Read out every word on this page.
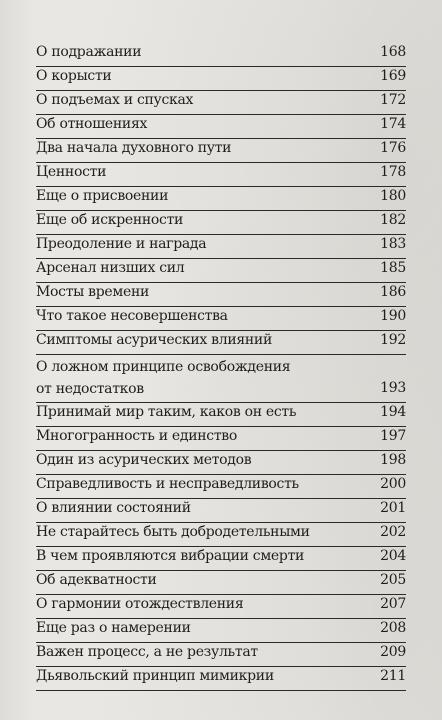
О подражании	168
О корысти	169
О подъемах и спусках	172
Об отношениях	174
Два начала духовного пути	176
Ценности	178
Еще о присвоении	180
Еще об искренности	182
Преодоление и награда	183
Арсенал низших сил	185
Мосты времени	186
Что такое несовершенства	190
Симптомы асурических влияний	192
О ложном принципе освобождения от недостатков	193
Принимай мир таким, каков он есть	194
Многогранность и единство	197
Один из асурических методов	198
Справедливость и несправедливость	200
О влиянии состояний	201
Не старайтесь быть добродетельными	202
В чем проявляются вибрации смерти	204
Об адекватности	205
О гармонии отождествления	207
Еще раз о намерении	208
Важен процесс, а не результат	209
Дьявольский принцип мимикрии	211
